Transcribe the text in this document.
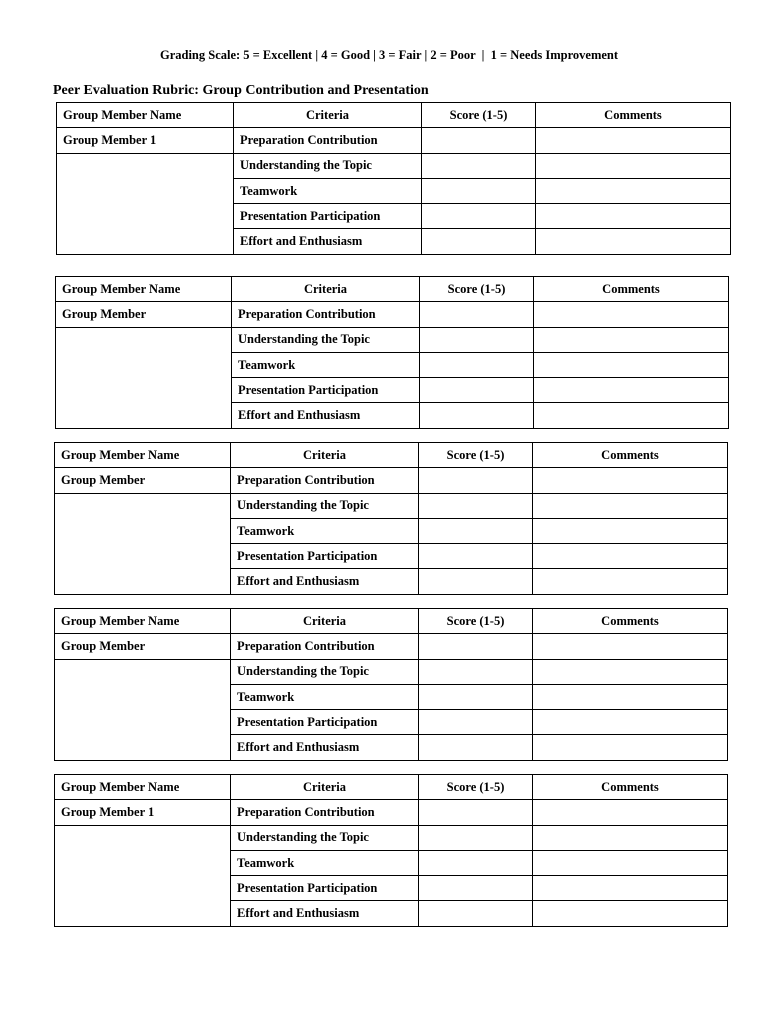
Grading Scale: 5 = Excellent | 4 = Good | 3 = Fair | 2 = Poor  |  1 = Needs Improvement
Peer Evaluation Rubric: Group Contribution and Presentation
Group Member Name	Criteria	Score (1-5)	Comments
Group Member 1	Preparation Contribution		
	Understanding the Topic		
	Teamwork		
	Presentation Participation		
	Effort and Enthusiasm		
Group Member Name	Criteria	Score (1-5)	Comments
Group Member	Preparation Contribution		
	Understanding the Topic		
	Teamwork		
	Presentation Participation		
	Effort and Enthusiasm		
Group Member Name	Criteria	Score (1-5)	Comments
Group Member	Preparation Contribution		
	Understanding the Topic		
	Teamwork		
	Presentation Participation		
	Effort and Enthusiasm		
Group Member Name	Criteria	Score (1-5)	Comments
Group Member	Preparation Contribution		
	Understanding the Topic		
	Teamwork		
	Presentation Participation		
	Effort and Enthusiasm		
Group Member Name	Criteria	Score (1-5)	Comments
Group Member 1	Preparation Contribution		
	Understanding the Topic		
	Teamwork		
	Presentation Participation		
	Effort and Enthusiasm		
